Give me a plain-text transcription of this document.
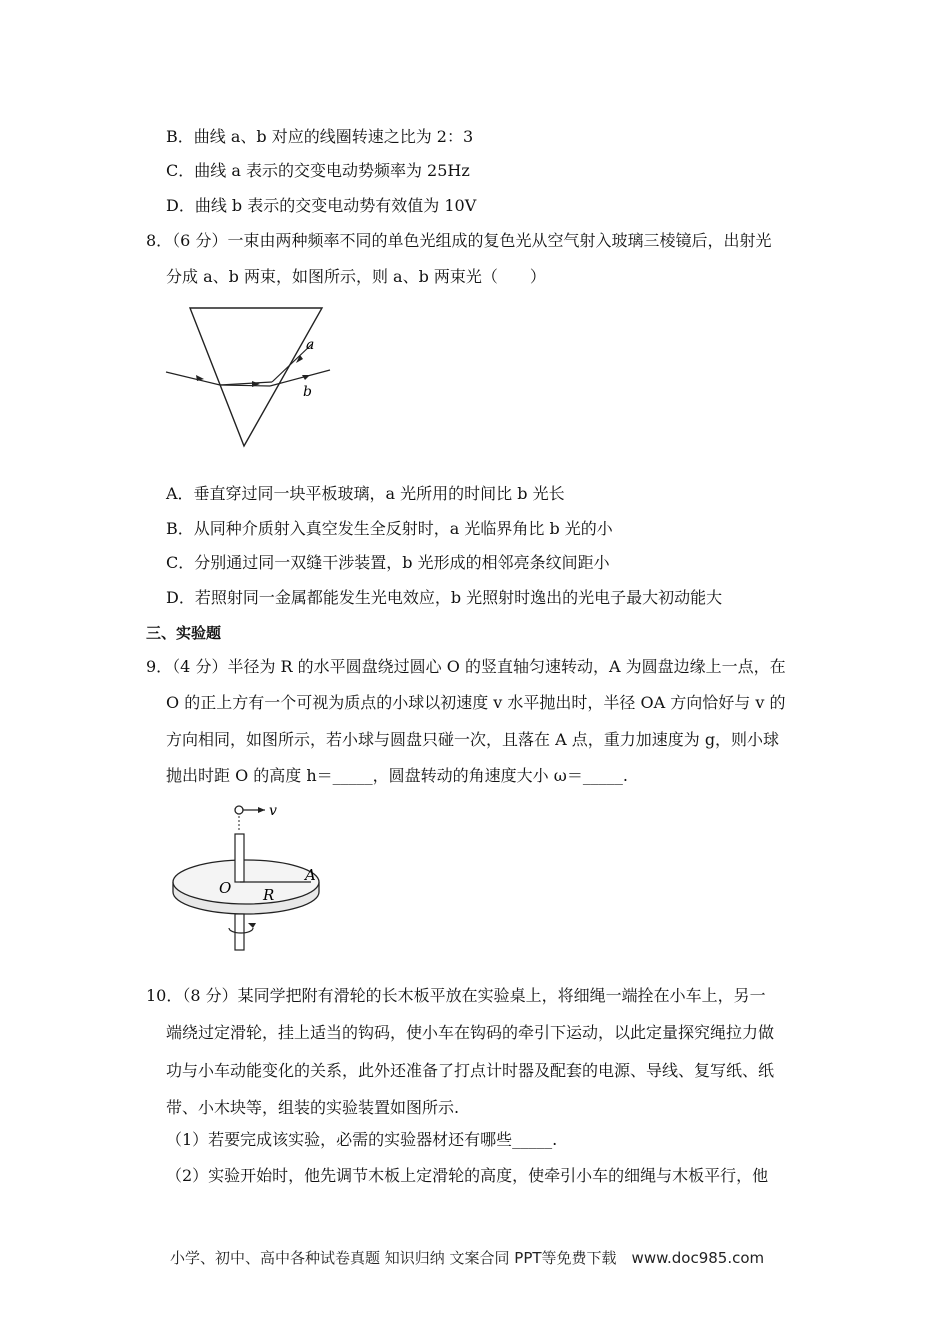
B．曲线 a、b 对应的线圈转速之比为 2：3
C．曲线 a 表示的交变电动势频率为 25Hz
D．曲线 b 表示的交变电动势有效值为 10V
8．（6 分）一束由两种频率不同的单色光组成的复色光从空气射入玻璃三棱镜后，出射光
分成 a、b 两束，如图所示，则 a、b 两束光（　　）
a
b
A．垂直穿过同一块平板玻璃，a 光所用的时间比 b 光长
B．从同种介质射入真空发生全反射时，a 光临界角比 b 光的小
C．分别通过同一双缝干涉装置，b 光形成的相邻亮条纹间距小
D．若照射同一金属都能发生光电效应，b 光照射时逸出的光电子最大初动能大
三、实验题
9．（4 分）半径为 R 的水平圆盘绕过圆心 O 的竖直轴匀速转动，A 为圆盘边缘上一点，在
O 的正上方有一个可视为质点的小球以初速度 v 水平抛出时，半径 OA 方向恰好与 v 的
方向相同，如图所示，若小球与圆盘只碰一次，且落在 A 点，重力加速度为 g，则小球
抛出时距 O 的高度 h＝_____，圆盘转动的角速度大小 ω＝_____.
v
O R
A
10．（8 分）某同学把附有滑轮的长木板平放在实验桌上，将细绳一端拴在小车上，另一
端绕过定滑轮，挂上适当的钩码，使小车在钩码的牵引下运动，以此定量探究绳拉力做
功与小车动能变化的关系，此外还准备了打点计时器及配套的电源、导线、复写纸、纸
带、小木块等，组装的实验装置如图所示.
（1）若要完成该实验，必需的实验器材还有哪些_____.
（2）实验开始时，他先调节木板上定滑轮的高度，使牵引小车的细绳与木板平行，他
小学、初中、高中各种试卷真题 知识归纳 文案合同 PPT等免费下载　www.doc985.com
